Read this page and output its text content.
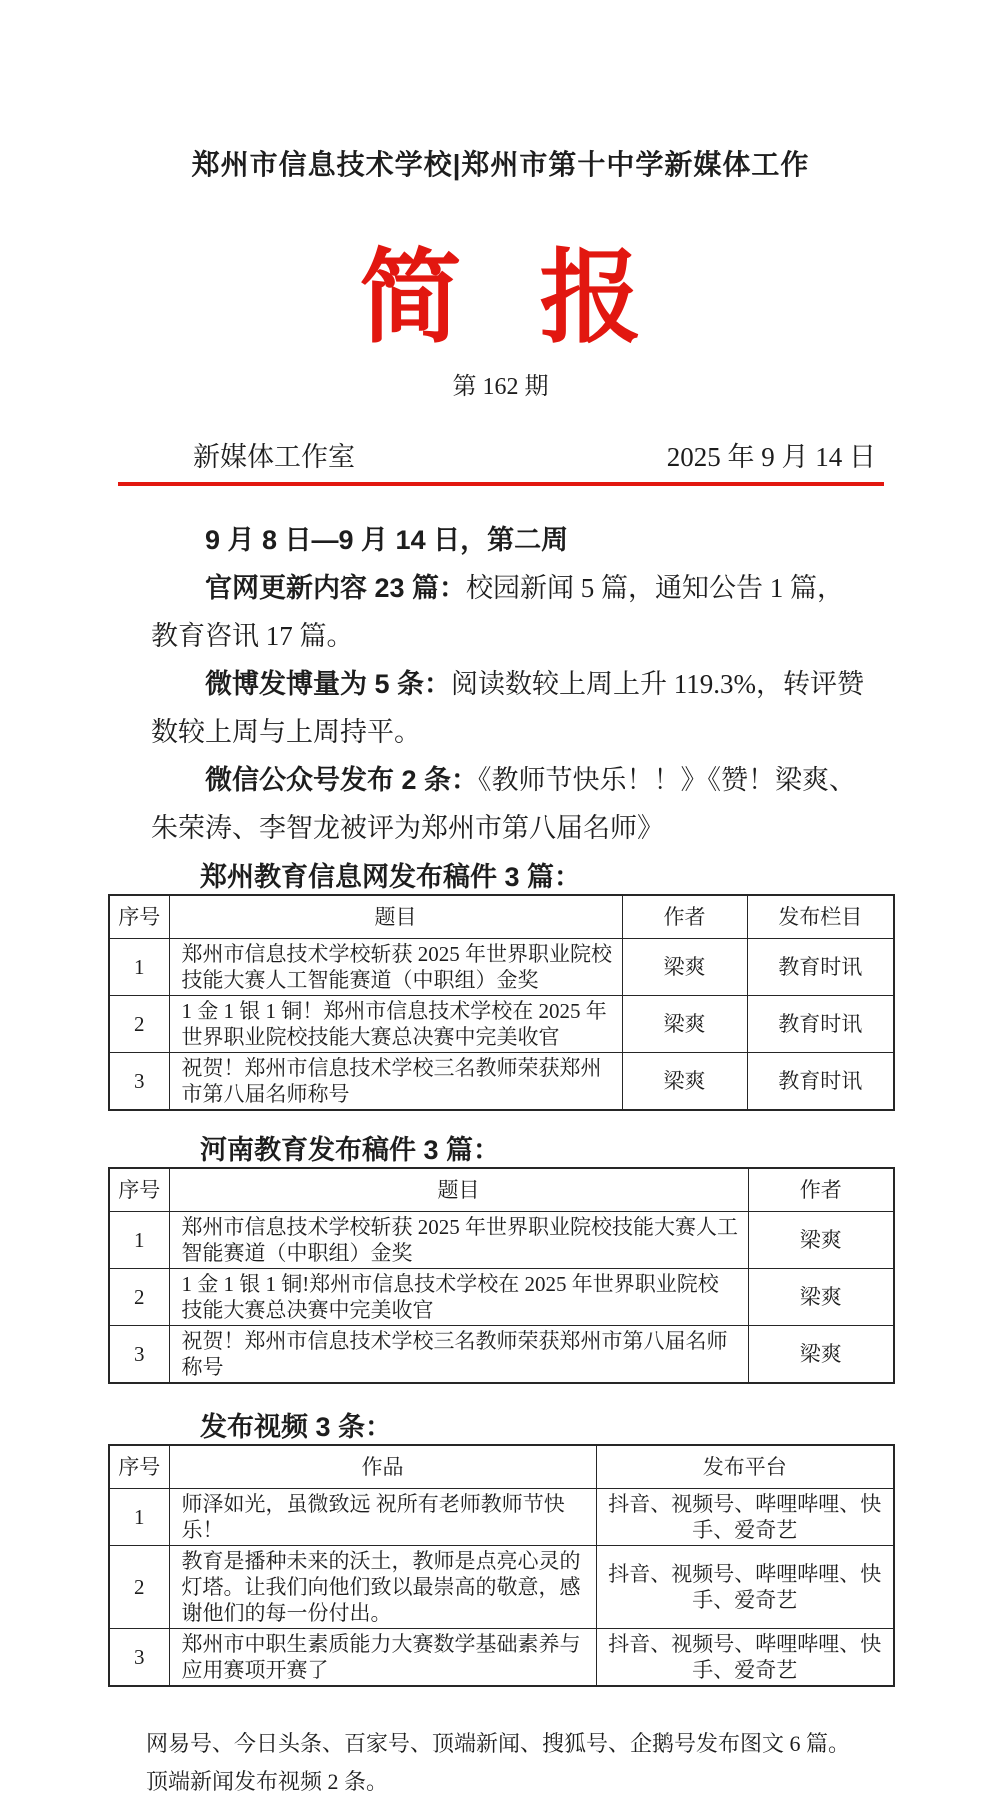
郑州市信息技术学校|郑州市第十中学新媒体工作
简 报
第 162 期
新媒体工作室	2025 年 9 月 14 日

9 月 8 日—9 月 14 日，第二周

官网更新内容 23 篇：校园新闻 5 篇，通知公告 1 篇，教育咨讯 17 篇。

微博发博量为 5 条：阅读数较上周上升 119.3%，转评赞数较上周与上周持平。

微信公众号发布 2 条：《教师节快乐！！》《赞！梁爽、朱荣涛、李智龙被评为郑州市第八届名师》

郑州教育信息网发布稿件 3 篇：
序号	题目	作者	发布栏目
1	郑州市信息技术学校斩获 2025 年世界职业院校技能大赛人工智能赛道（中职组）金奖	梁爽	教育时讯
2	1 金 1 银 1 铜！郑州市信息技术学校在 2025 年世界职业院校技能大赛总决赛中完美收官	梁爽	教育时讯
3	祝贺！郑州市信息技术学校三名教师荣获郑州市第八届名师称号	梁爽	教育时讯
河南教育发布稿件 3 篇：
序号	题目	作者
1	郑州市信息技术学校斩获 2025 年世界职业院校技能大赛人工智能赛道（中职组）金奖	梁爽
2	1 金 1 银 1 铜!郑州市信息技术学校在 2025 年世界职业院校技能大赛总决赛中完美收官	梁爽
3	祝贺！郑州市信息技术学校三名教师荣获郑州市第八届名师称号	梁爽
发布视频 3 条：
序号	作品	发布平台
1	师泽如光，虽微致远 祝所有老师教师节快乐！	抖音、视频号、哔哩哔哩、快手、爱奇艺
2	教育是播种未来的沃土，教师是点亮心灵的灯塔。让我们向他们致以最崇高的敬意，感谢他们的每一份付出。	抖音、视频号、哔哩哔哩、快手、爱奇艺
3	郑州市中职生素质能力大赛数学基础素养与应用赛项开赛了	抖音、视频号、哔哩哔哩、快手、爱奇艺

网易号、今日头条、百家号、顶端新闻、搜狐号、企鹅号发布图文 6 篇。顶端新闻发布视频 2 条。
